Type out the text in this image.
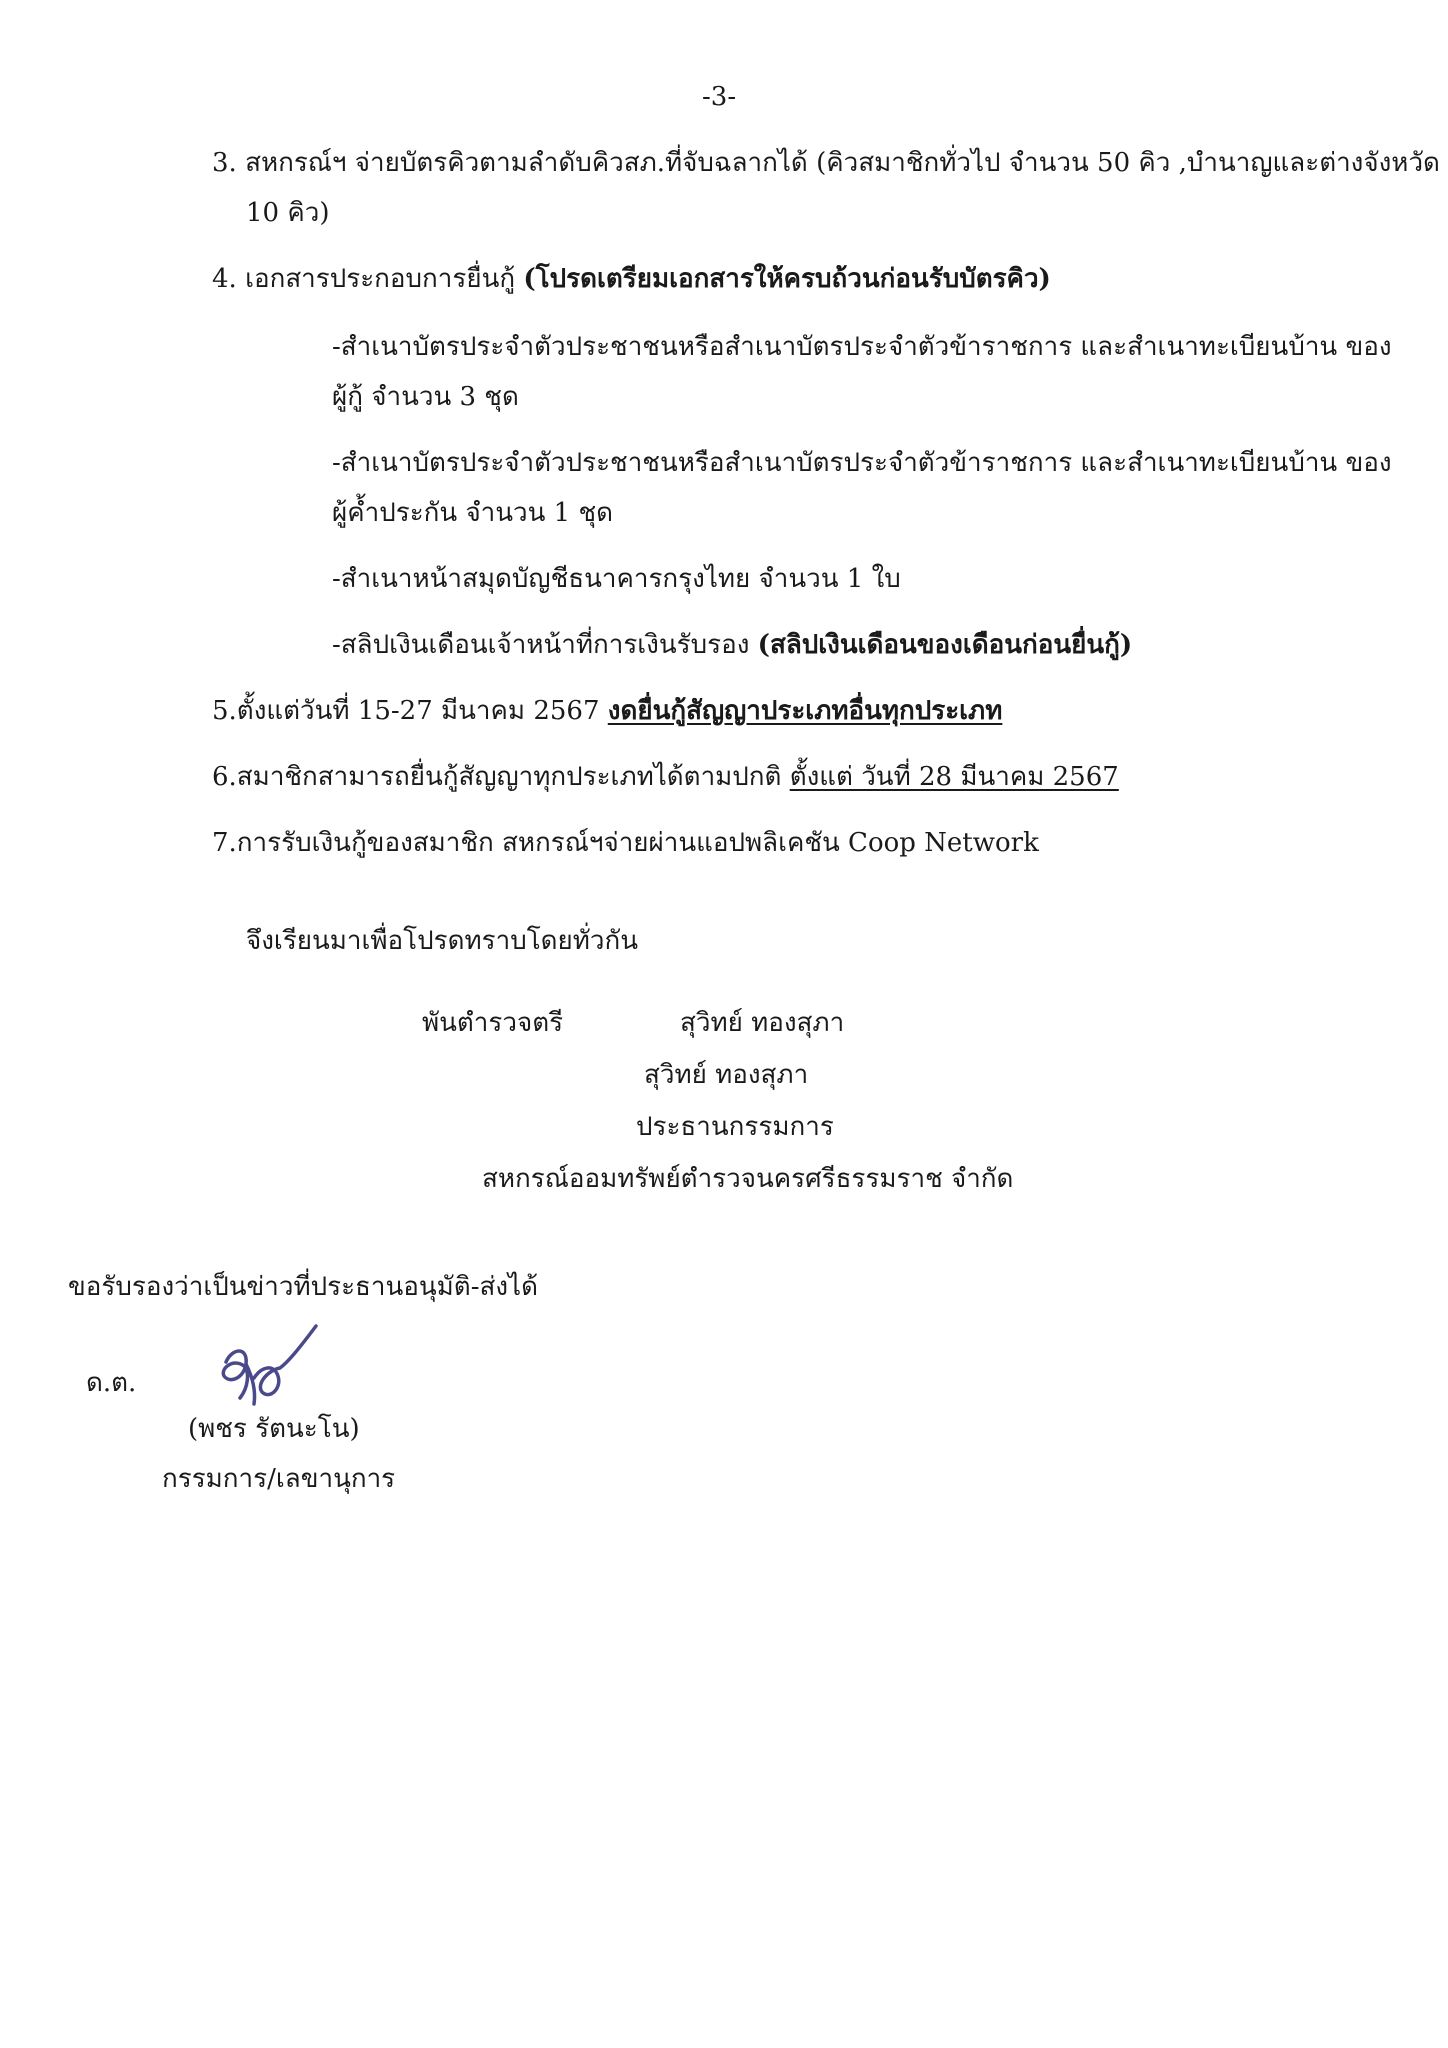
-3-
3. สหกรณ์ฯ จ่ายบัตรคิวตามลำดับคิวสภ.ที่จับฉลากได้ (คิวสมาชิกทั่วไป จำนวน 50 คิว ,บำนาญและต่างจังหวัด
10 คิว)
4. เอกสารประกอบการยื่นกู้ (โปรดเตรียมเอกสารให้ครบถ้วนก่อนรับบัตรคิว)
-สำเนาบัตรประจำตัวประชาชนหรือสำเนาบัตรประจำตัวข้าราชการ และสำเนาทะเบียนบ้าน ของ
ผู้กู้ จำนวน 3 ชุด
-สำเนาบัตรประจำตัวประชาชนหรือสำเนาบัตรประจำตัวข้าราชการ และสำเนาทะเบียนบ้าน ของ
ผู้ค้ำประกัน จำนวน 1 ชุด
-สำเนาหน้าสมุดบัญชีธนาคารกรุงไทย จำนวน 1 ใบ
-สลิปเงินเดือนเจ้าหน้าที่การเงินรับรอง (สลิปเงินเดือนของเดือนก่อนยื่นกู้)
5.ตั้งแต่วันที่ 15-27 มีนาคม 2567 งดยื่นกู้สัญญาประเภทอื่นทุกประเภท
6.สมาชิกสามารถยื่นกู้สัญญาทุกประเภทได้ตามปกติ ตั้งแต่ วันที่ 28 มีนาคม 2567
7.การรับเงินกู้ของสมาชิก สหกรณ์ฯจ่ายผ่านแอปพลิเคชัน Coop Network
จึงเรียนมาเพื่อโปรดทราบโดยทั่วกัน
พันตำรวจตรี	สุวิทย์ ทองสุภา
สุวิทย์ ทองสุภา
ประธานกรรมการ
สหกรณ์ออมทรัพย์ตำรวจนครศรีธรรมราช จำกัด
ขอรับรองว่าเป็นข่าวที่ประธานอนุมัติ-ส่งได้
ด.ต.
(พชร รัตนะโน)
กรรมการ/เลขานุการ
